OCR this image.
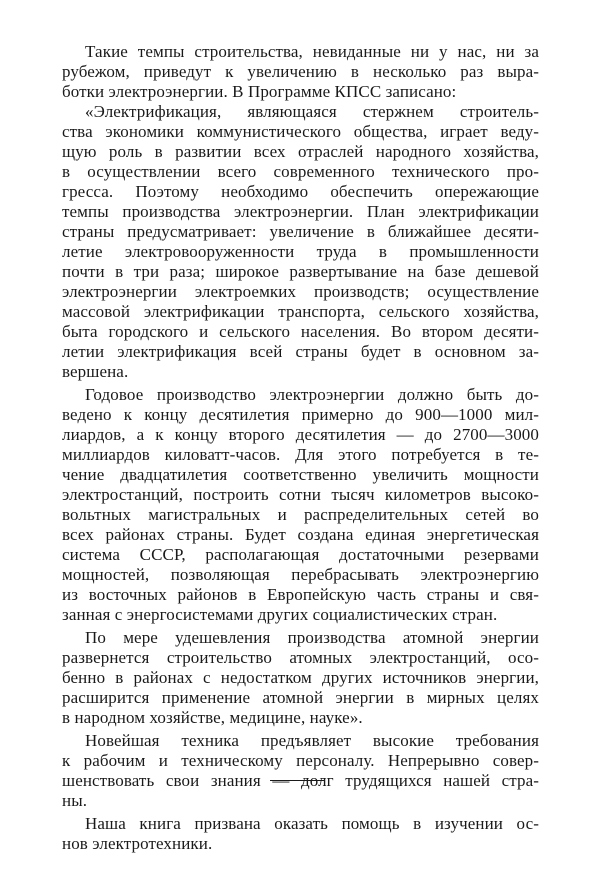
Такие темпы строительства, невиданные ни у нас, ни за
рубежом, приведут к увеличению в несколько раз выра-
ботки электроэнергии. В Программе КПСС записано:
«Электрификация, являющаяся стержнем строитель-
ства экономики коммунистического общества, играет веду-
щую роль в развитии всех отраслей народного хозяйства,
в осуществлении всего современного технического про-
гресса. Поэтому необходимо обеспечить опережающие
темпы производства электроэнергии. План электрификации
страны предусматривает: увеличение в ближайшее десяти-
летие электровооруженности труда в промышленности
почти в три раза; широкое развертывание на базе дешевой
электроэнергии электроемких производств; осуществление
массовой электрификации транспорта, сельского хозяйства,
быта городского и сельского населения. Во втором десяти-
летии электрификация всей страны будет в основном за-
вершена.
Годовое производство электроэнергии должно быть до-
ведено к концу десятилетия примерно до 900—1000 мил-
лиардов, а к концу второго десятилетия — до 2700—3000
миллиардов киловатт-часов. Для этого потребуется в те-
чение двадцатилетия соответственно увеличить мощности
электростанций, построить сотни тысяч километров высоко-
вольтных магистральных и распределительных сетей во
всех районах страны. Будет создана единая энергетическая
система СССР, располагающая достаточными резервами
мощностей, позволяющая перебрасывать электроэнергию
из восточных районов в Европейскую часть страны и свя-
занная с энергосистемами других социалистических стран.
По мере удешевления производства атомной энергии
развернется строительство атомных электростанций, осо-
бенно в районах с недостатком других источников энергии,
расширится применение атомной энергии в мирных целях
в народном хозяйстве, медицине, науке».
Новейшая техника предъявляет высокие требования
к рабочим и техническому персоналу. Непрерывно совер-
шенствовать свои знания — долг трудящихся нашей стра-
ны.
Наша книга призвана оказать помощь в изучении ос-
нов электротехники.
